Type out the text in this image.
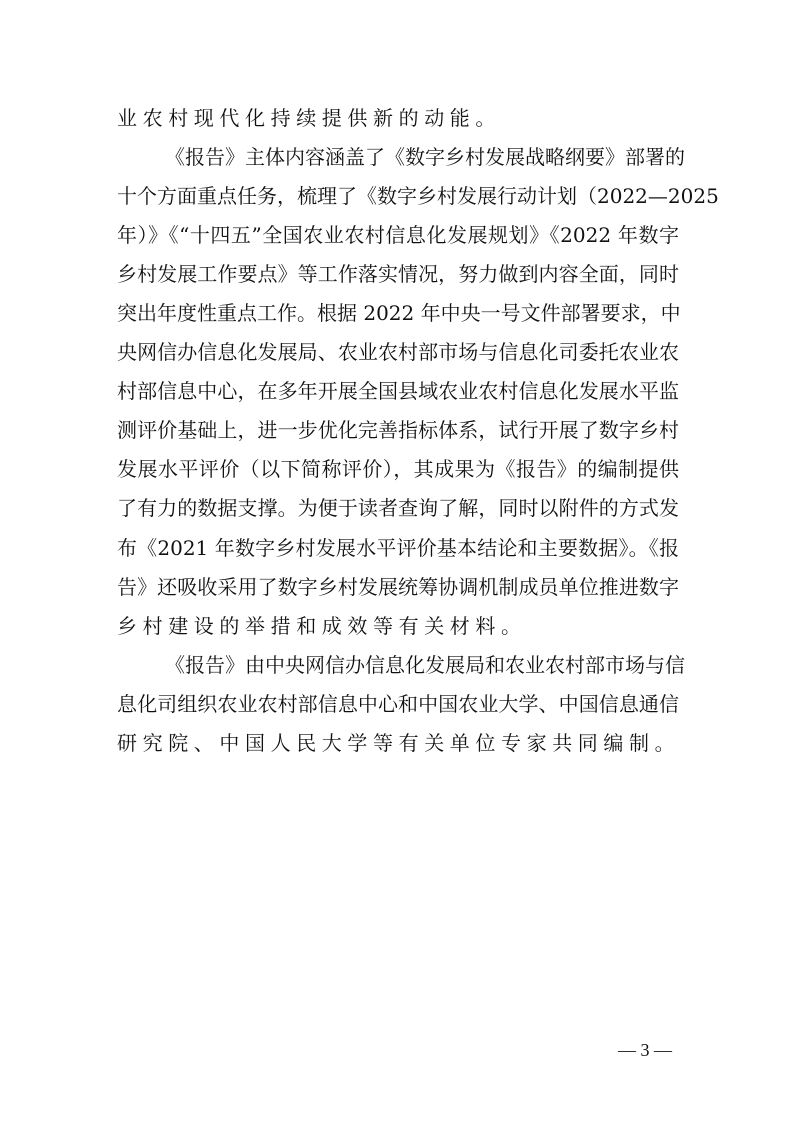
业农村现代化持续提供新的动能。
《报告》主体内容涵盖了《数字乡村发展战略纲要》部署的
十个方面重点任务，梳理了《数字乡村发展行动计划（2022—2025
年）》《“十四五”全国农业农村信息化发展规划》《2022 年数字
乡村发展工作要点》等工作落实情况，努力做到内容全面，同时
突出年度性重点工作。根据 2022 年中央一号文件部署要求，中
央网信办信息化发展局、农业农村部市场与信息化司委托农业农
村部信息中心，在多年开展全国县域农业农村信息化发展水平监
测评价基础上，进一步优化完善指标体系，试行开展了数字乡村
发展水平评价（以下简称评价），其成果为《报告》的编制提供
了有力的数据支撑。为便于读者查询了解，同时以附件的方式发
布《2021 年数字乡村发展水平评价基本结论和主要数据》。《报
告》还吸收采用了数字乡村发展统筹协调机制成员单位推进数字
乡村建设的举措和成效等有关材料。
《报告》由中央网信办信息化发展局和农业农村部市场与信
息化司组织农业农村部信息中心和中国农业大学、中国信息通信
研究院、中国人民大学等有关单位专家共同编制。
— 3 —
